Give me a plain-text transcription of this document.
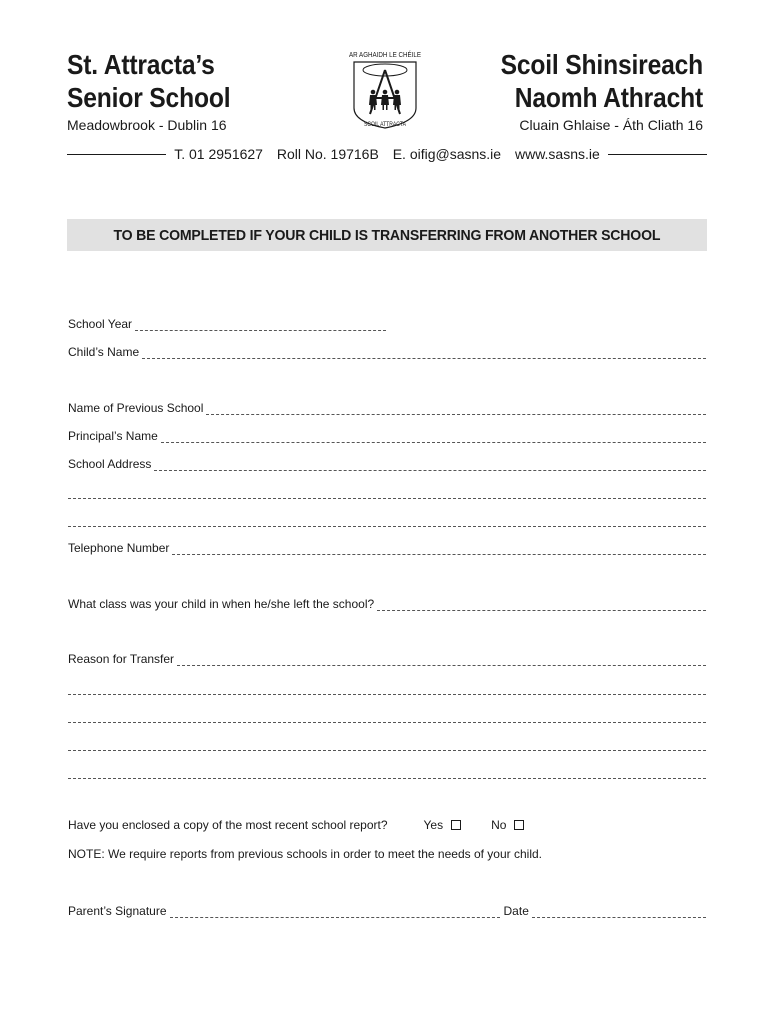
St. Attracta’s
Senior School
Meadowbrook - Dublin 16
AR AGHAIDH LE CHÉILE
SCOIL ATTRACTA
Scoil Shinsireach
Naomh Athracht
Cluain Ghlaise - Áth Cliath 16
T. 01 2951627 Roll No. 19716B E. oifig@sasns.ie www.sasns.ie
TO BE COMPLETED IF YOUR CHILD IS TRANSFERRING FROM ANOTHER SCHOOL
School Year
Child’s Name
Name of Previous School
Principal’s Name
School Address
Telephone Number
What class was your child in when he/she left the school?
Reason for Transfer
Have you enclosed a copy of the most recent school report?	Yes	No
NOTE: We require reports from previous schools in order to meet the needs of your child.
Parent’s Signature	Date
